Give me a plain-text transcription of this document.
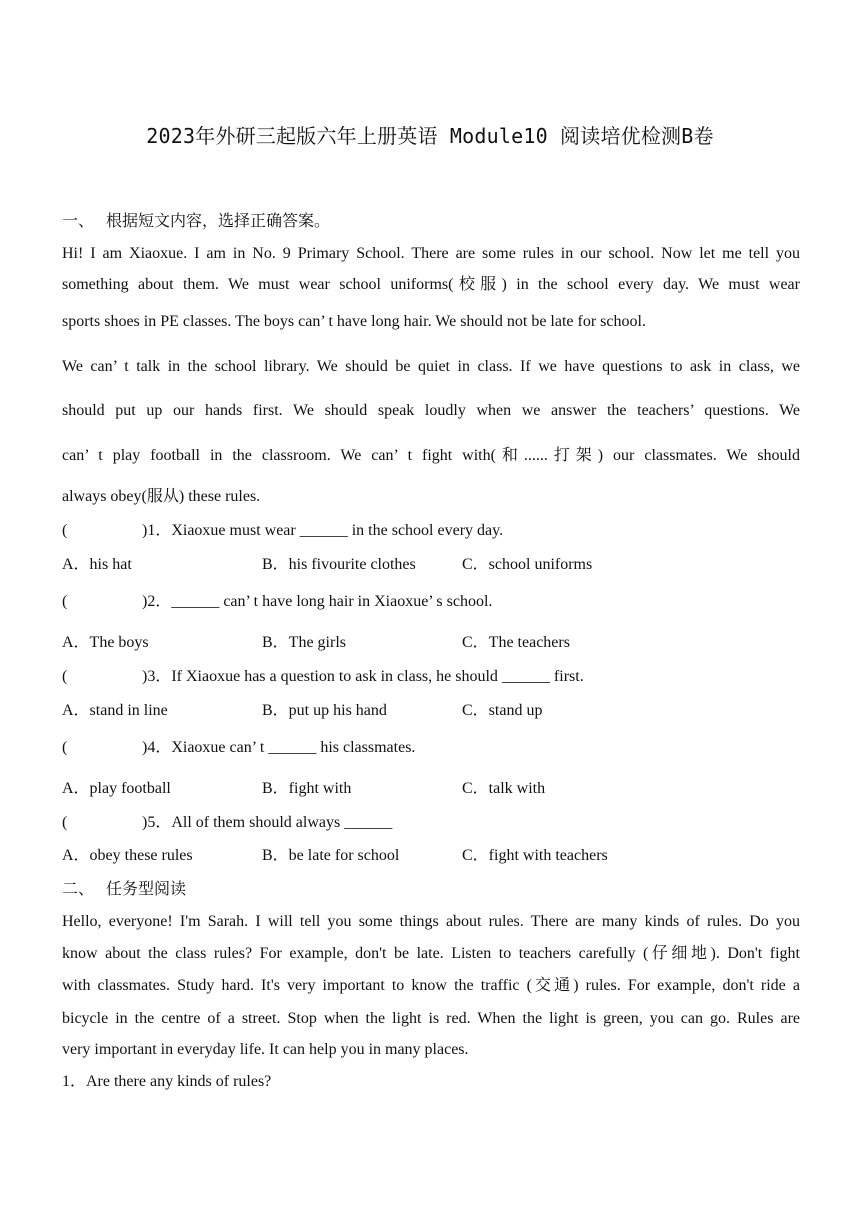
2023年外研三起版六年上册英语 Module10 阅读培优检测B卷
一、 根据短文内容，选择正确答案。
Hi! I am Xiaoxue. I am in No. 9 Primary School. There are some rules in our school. Now let me tell you
something about them. We must wear school uniforms(校服) in the school every day. We must wear
sports shoes in PE classes. The boys can’ t have long hair. We should not be late for school.
We can’ t talk in the school library. We should be quiet in class. If we have questions to ask in class, we
should put up our hands first. We should speak loudly when we answer the teachers’ questions. We
can’ t play football in the classroom. We can’ t fight with(和......打架) our classmates. We should
always obey(服从) these rules.
(	)1．Xiaoxue must wear ______ in the school every day.
A．his hat	B．his fivourite clothes	C．school uniforms
(	)2．______ can’ t have long hair in Xiaoxue’ s school.
A．The boys	B．The girls	C．The teachers
(	)3．If Xiaoxue has a question to ask in class, he should ______ first.
A．stand in line	B．put up his hand	C．stand up
(	)4．Xiaoxue can’ t ______ his classmates.
A．play football	B．fight with	C．talk with
(	)5．All of them should always ______
A．obey these rules	B．be late for school	C．fight with teachers
二、 任务型阅读
Hello, everyone! I'm Sarah. I will tell you some things about rules. There are many kinds of rules. Do you
know about the class rules? For example, don't be late. Listen to teachers carefully (仔细地). Don't fight
with classmates. Study hard. It's very important to know the traffic (交通) rules. For example, don't ride a
bicycle in the centre of a street. Stop when the light is red. When the light is green, you can go. Rules are
very important in everyday life. It can help you in many places.
1．Are there any kinds of rules?
